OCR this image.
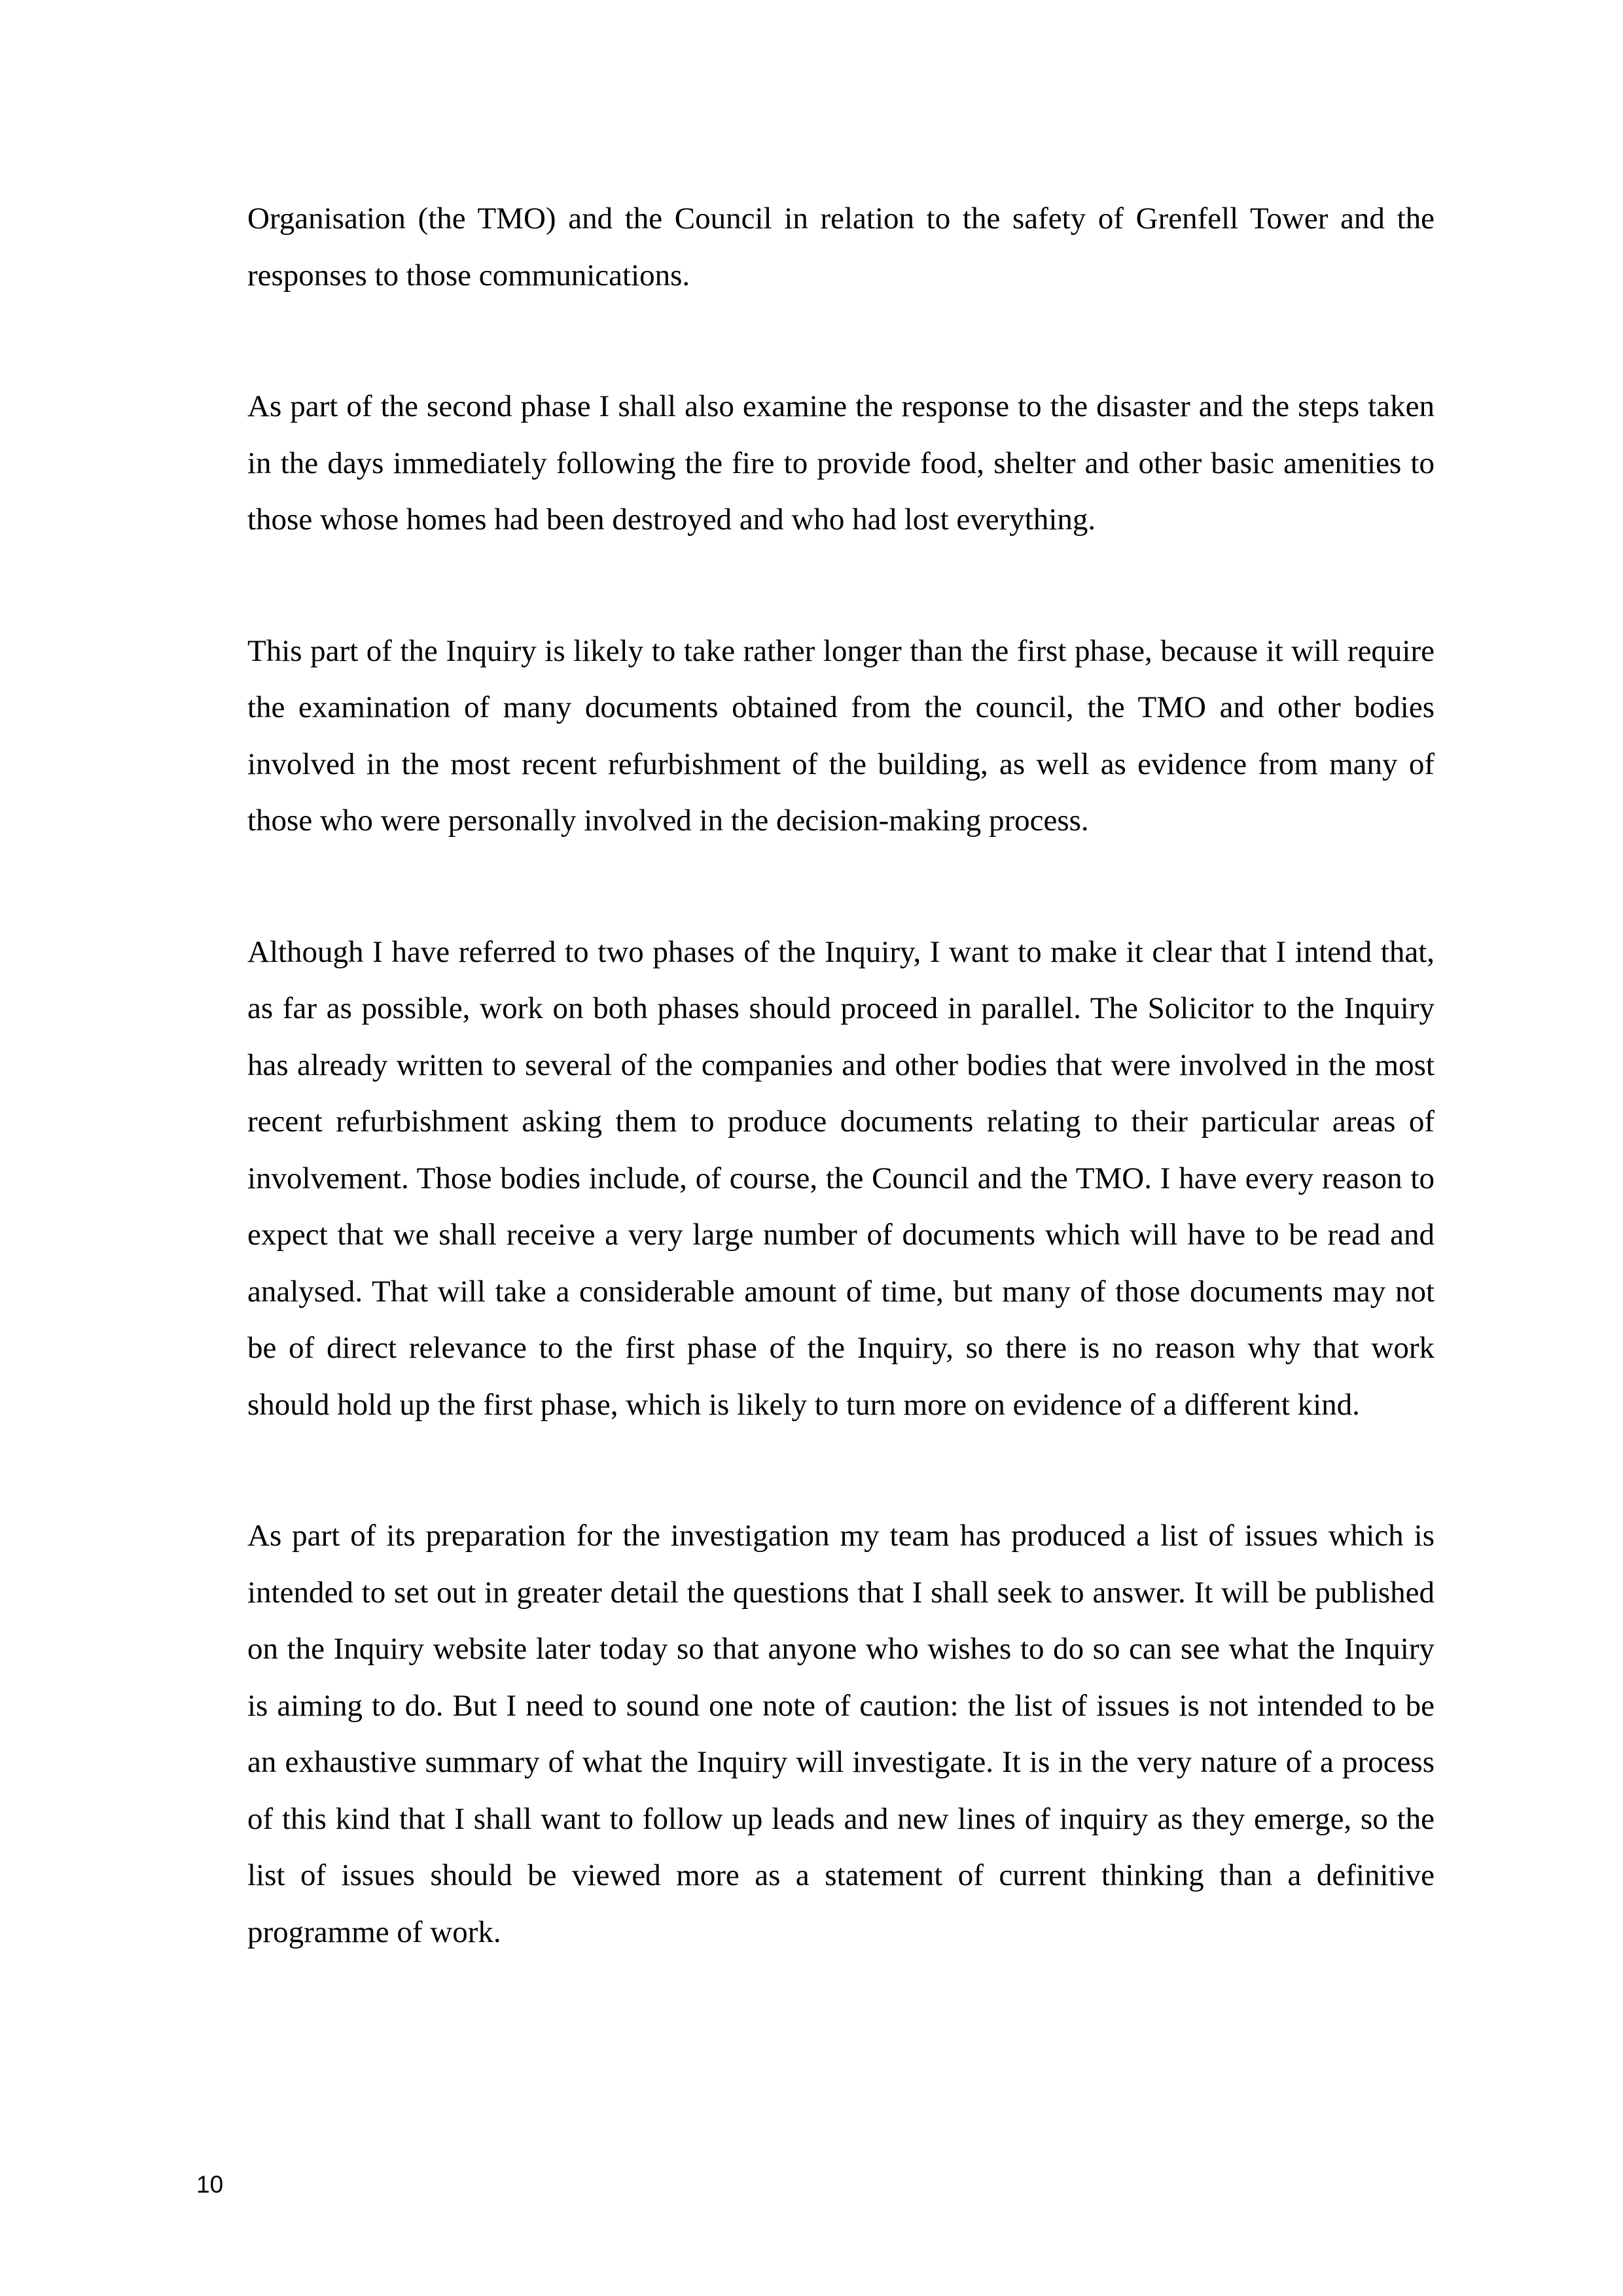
Organisation (the TMO) and the Council in relation to the safety of Grenfell Tower and the responses to those communications.

As part of the second phase I shall also examine the response to the disaster and the steps taken in the days immediately following the fire to provide food, shelter and other basic amenities to those whose homes had been destroyed and who had lost everything.

This part of the Inquiry is likely to take rather longer than the first phase, because it will require the examination of many documents obtained from the council, the TMO and other bodies involved in the most recent refurbishment of the building, as well as evidence from many of those who were personally involved in the decision-making process.

Although I have referred to two phases of the Inquiry, I want to make it clear that I intend that, as far as possible, work on both phases should proceed in parallel. The Solicitor to the Inquiry has already written to several of the companies and other bodies that were involved in the most recent refurbishment asking them to produce documents relating to their particular areas of involvement. Those bodies include, of course, the Council and the TMO. I have every reason to expect that we shall receive a very large number of documents which will have to be read and analysed. That will take a considerable amount of time, but many of those documents may not be of direct relevance to the first phase of the Inquiry, so there is no reason why that work should hold up the first phase, which is likely to turn more on evidence of a different kind.

As part of its preparation for the investigation my team has produced a list of issues which is intended to set out in greater detail the questions that I shall seek to answer. It will be published on the Inquiry website later today so that anyone who wishes to do so can see what the Inquiry is aiming to do. But I need to sound one note of caution: the list of issues is not intended to be an exhaustive summary of what the Inquiry will investigate. It is in the very nature of a process of this kind that I shall want to follow up leads and new lines of inquiry as they emerge, so the list of issues should be viewed more as a statement of current thinking than a definitive programme of work.

10
